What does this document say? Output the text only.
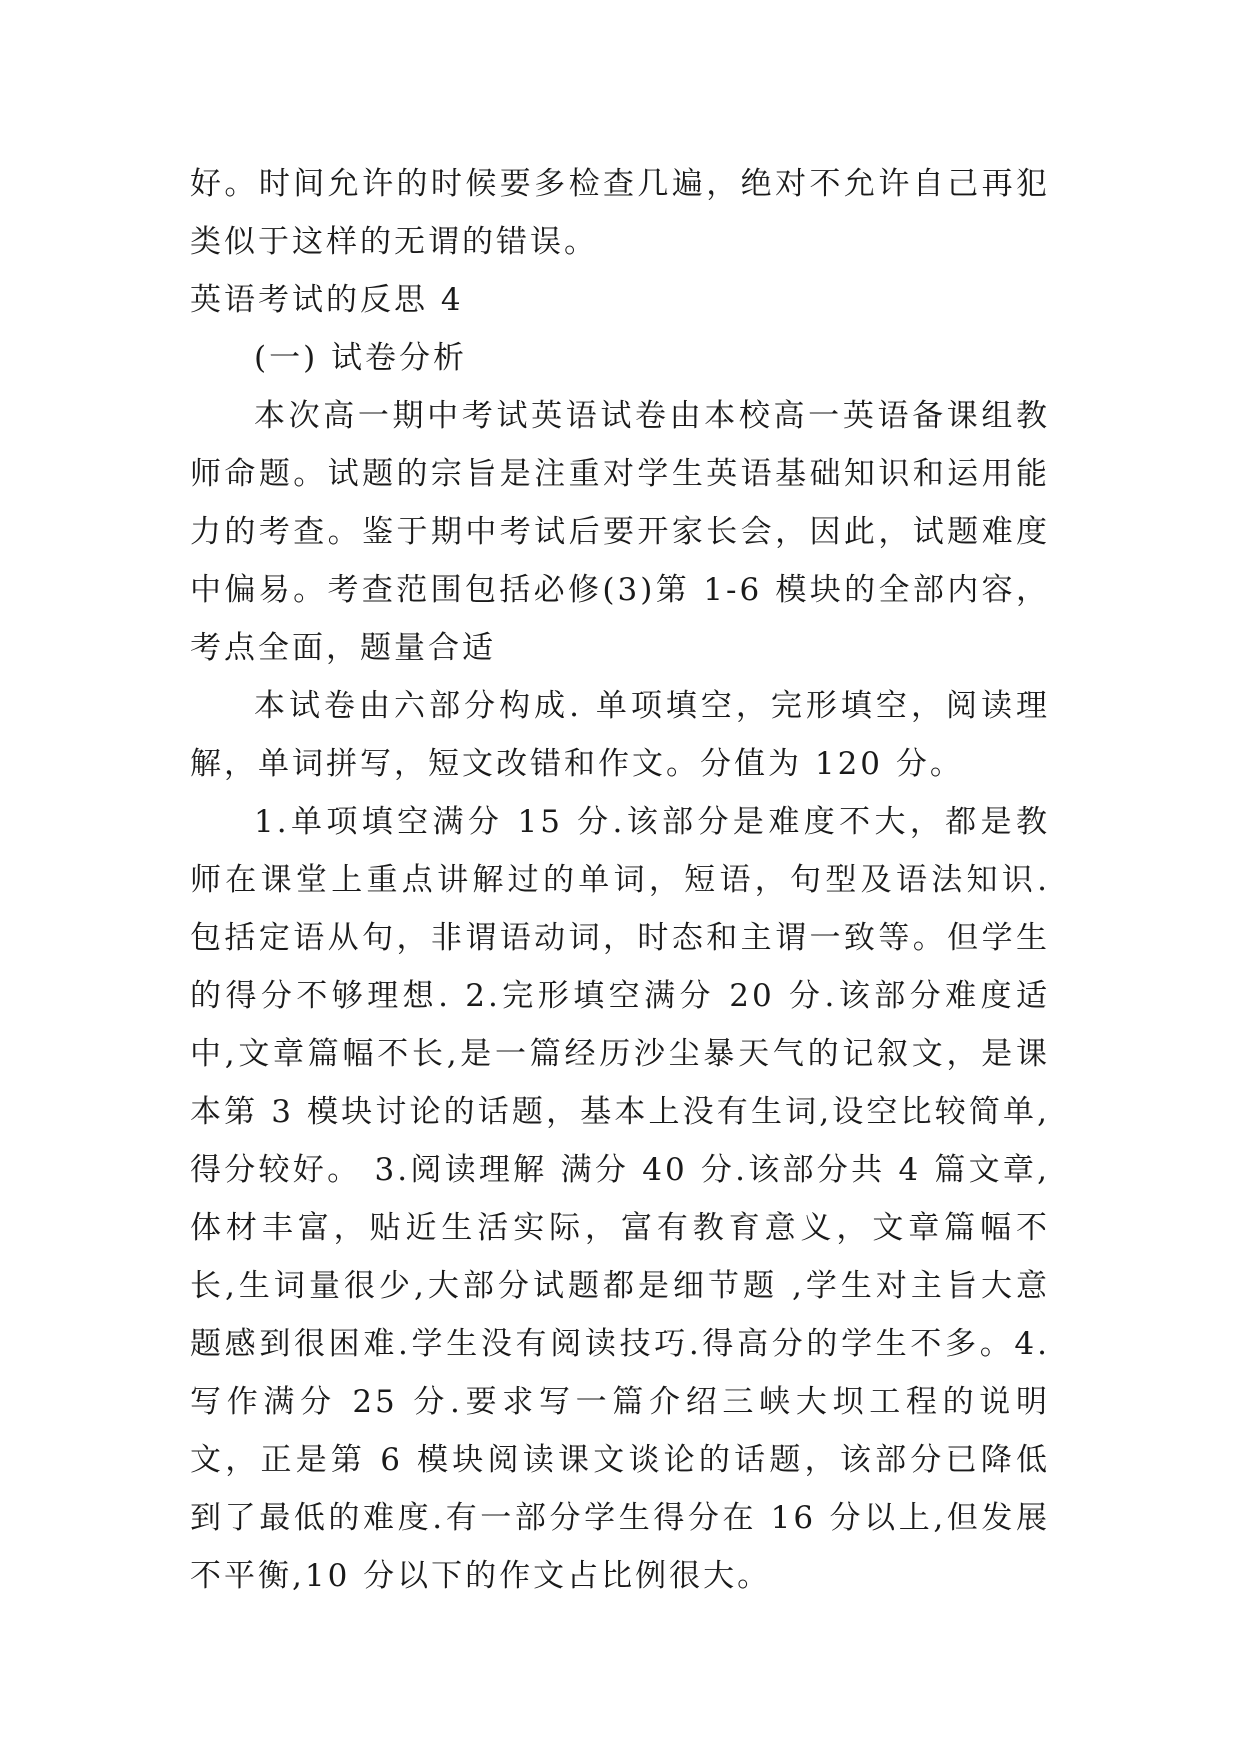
好。时间允许的时候要多检查几遍，绝对不允许自己再犯类似于这样的无谓的错误。

英语考试的反思 4

(一) 试卷分析

本次高一期中考试英语试卷由本校高一英语备课组教师命题。试题的宗旨是注重对学生英语基础知识和运用能力的考查。鉴于期中考试后要开家长会，因此，试题难度中偏易。考查范围包括必修(3)第 1-6 模块的全部内容，考点全面，题量合适

本试卷由六部分构成. 单项填空，完形填空，阅读理解，单词拼写，短文改错和作文。分值为 120 分。

1.单项填空满分 15 分.该部分是难度不大，都是教师在课堂上重点讲解过的单词，短语，句型及语法知识.包括定语从句，非谓语动词，时态和主谓一致等。但学生的得分不够理想. 2.完形填空满分 20 分.该部分难度适中,文章篇幅不长,是一篇经历沙尘暴天气的记叙文，是课本第 3 模块讨论的话题，基本上没有生词,设空比较简单,得分较好。 3.阅读理解 满分 40 分.该部分共 4 篇文章,体材丰富，贴近生活实际，富有教育意义，文章篇幅不长,生词量很少,大部分试题都是细节题 ,学生对主旨大意题感到很困难.学生没有阅读技巧.得高分的学生不多。4.写作满分 25 分.要求写一篇介绍三峡大坝工程的说明文，正是第 6 模块阅读课文谈论的话题，该部分已降低到了最低的难度.有一部分学生得分在 16 分以上,但发展不平衡,10 分以下的作文占比例很大。
